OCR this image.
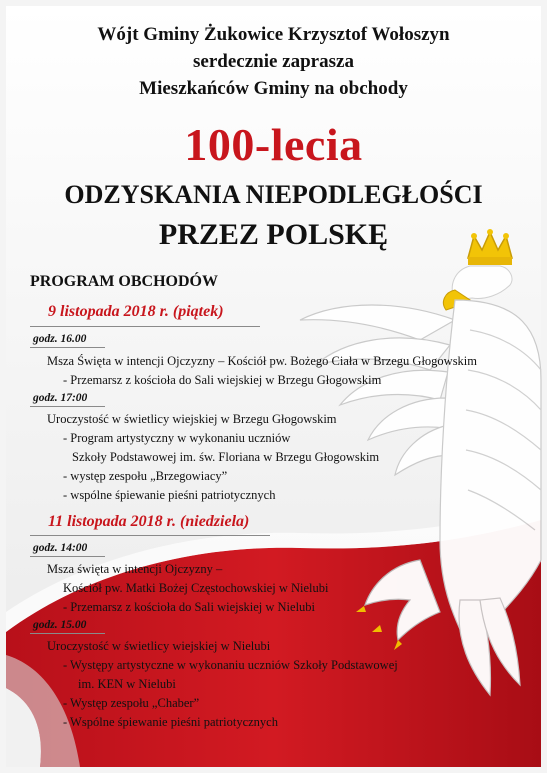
Wójt Gminy Żukowice Krzysztof Wołoszyn
serdecznie zaprasza
Mieszkańców Gminy na obchody
100-lecia
ODZYSKANIA NIEPODLEGŁOŚCI
PRZEZ POLSKĘ
PROGRAM OBCHODÓW
9 listopada 2018 r. (piątek)
godz. 16.00
Msza Święta w intencji Ojczyzny – Kościół pw. Bożego Ciała w Brzegu Głogowskim
- Przemarsz z kościoła do Sali wiejskiej w Brzegu Głogowskim
godz. 17:00
Uroczystość w świetlicy wiejskiej w Brzegu Głogowskim
- Program artystyczny w wykonaniu uczniów
Szkoły Podstawowej im. św. Floriana w Brzegu Głogowskim
- występ zespołu „Brzegowiacy”
- wspólne śpiewanie pieśni patriotycznych
11 listopada 2018 r. (niedziela)
godz. 14:00
Msza święta w intencji Ojczyzny –
Kościół pw. Matki Bożej Częstochowskiej w Nielubi
- Przemarsz z kościoła do Sali wiejskiej w Nielubi
godz. 15.00
Uroczystość w świetlicy wiejskiej w Nielubi
- Występy artystyczne w wykonaniu uczniów Szkoły Podstawowej
im. KEN w Nielubi
- Występ zespołu „Chaber”
- Wspólne śpiewanie pieśni patriotycznych
